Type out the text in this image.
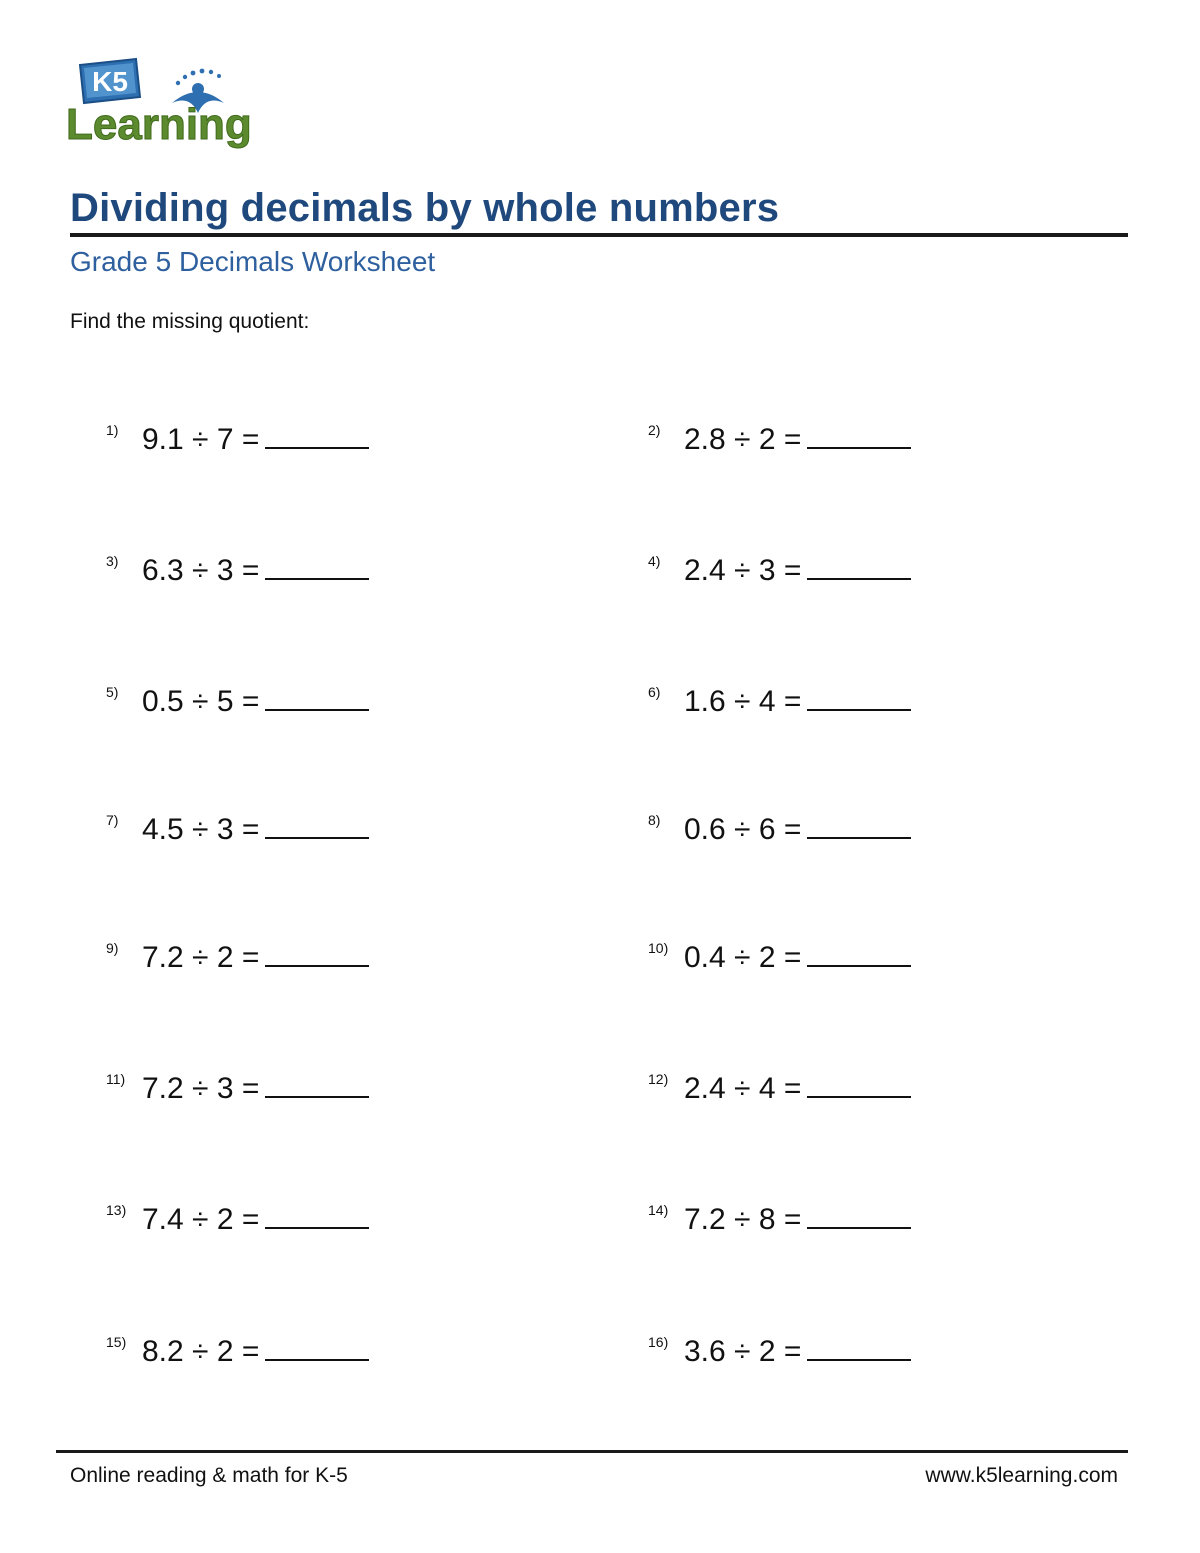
K5
Learning
Dividing decimals by whole numbers
Grade 5 Decimals Worksheet
Find the missing quotient:
1) 9.1 ÷ 7 =	2) 2.8 ÷ 2 =
3) 6.3 ÷ 3 =	4) 2.4 ÷ 3 =
5) 0.5 ÷ 5 =	6) 1.6 ÷ 4 =
7) 4.5 ÷ 3 =	8) 0.6 ÷ 6 =
9) 7.2 ÷ 2 =	10) 0.4 ÷ 2 =
11) 7.2 ÷ 3 =	12) 2.4 ÷ 4 =
13) 7.4 ÷ 2 =	14) 7.2 ÷ 8 =
15) 8.2 ÷ 2 =	16) 3.6 ÷ 2 =
Online reading & math for K-5	www.k5learning.com
